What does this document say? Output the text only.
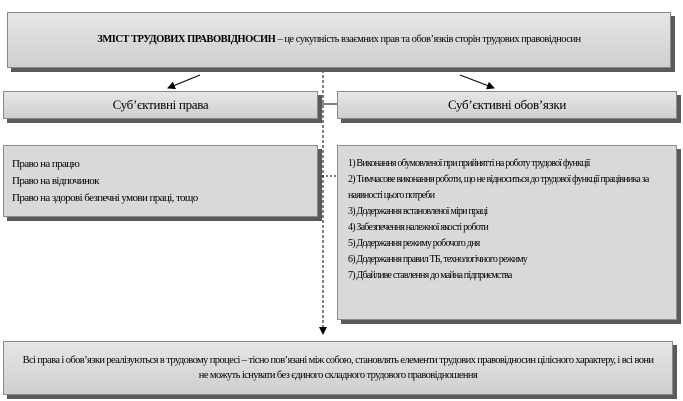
ЗМІСТ ТРУДОВИХ ПРАВОВІДНОСИН – це сукупність взаємних прав та обов’язків сторін трудових правовідносин
Суб’єктивні права	Суб’єктивні обов’язки
Право на працю
Право на відпочинок
Право на здорові безпечні умови праці, тощо
1) Виконання обумовленої при прийнятті на роботу трудової функції
2) Тимчасове виконання роботи, що не відноситься до трудової функції працівника за наявності цього потреби
3) Додержання встановленої міри праці
4) Забезпечення належної якості роботи
5) Додержання режиму робочого дня
6) Додержання правил ТБ, технологічного режиму
7) Дбайливе ставлення до майна підприємства
Всі права і обов’язки реалізуються в трудовому процесі – тісно пов’язані між собою, становлять елементи трудових правовідносин цілісного характеру, і всі вони не можуть існувати без єдиного складного трудового правовідношення
